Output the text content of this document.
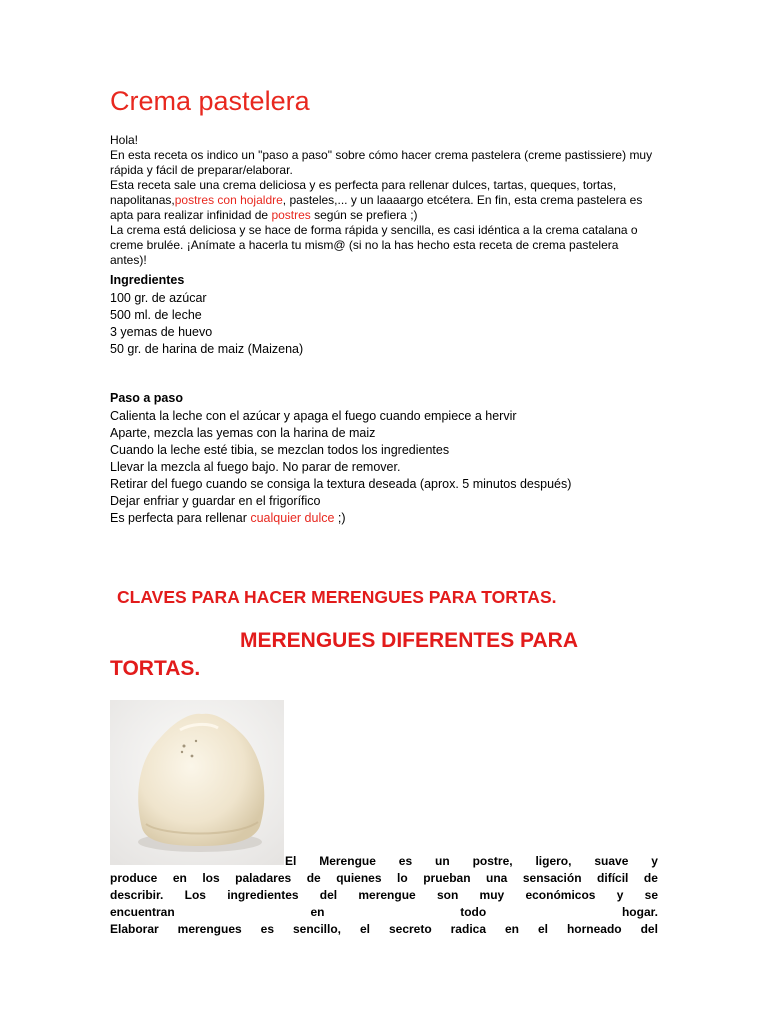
Crema pastelera

Hola!

En esta receta os indico un "paso a paso" sobre cómo hacer crema pastelera (creme pastissiere) muy rápida y fácil de preparar/elaborar.

Esta receta sale una crema deliciosa y es perfecta para rellenar dulces, tartas, queques, tortas, napolitanas,postres con hojaldre, pasteles,... y un laaaargo etcétera. En fin, esta crema pastelera es apta para realizar infinidad de postres según se prefiera ;)

La crema está deliciosa y se hace de forma rápida y sencilla, es casi idéntica a la crema catalana o creme brulée. ¡Anímate a hacerla tu mism@ (si no la has hecho esta receta de crema pastelera antes)!

Ingredientes
100 gr. de azúcar
500 ml. de leche
3 yemas de huevo
50 gr. de harina de maiz (Maizena)
Paso a paso
Calienta la leche con el azúcar y apaga el fuego cuando empiece a hervir
Aparte, mezcla las yemas con la harina de maiz
Cuando la leche esté tibia, se mezclan todos los ingredientes
Llevar la mezcla al fuego bajo. No parar de remover.
Retirar del fuego cuando se consiga la textura deseada (aprox. 5 minutos después)
Dejar enfriar y guardar en el frigorífico
Es perfecta para rellenar cualquier dulce ;)
CLAVES PARA HACER MERENGUES PARA TORTAS.
MERENGUES DIFERENTES PARA
TORTAS.
El Merengue es un postre, ligero, suave y
produce en los paladares de quienes lo prueban una sensación difícil de
describir. Los ingredientes del merengue son muy económicos y se
encuentran	en	todo	hogar.
Elaborar merengues es sencillo, el secreto radica en el horneado del
